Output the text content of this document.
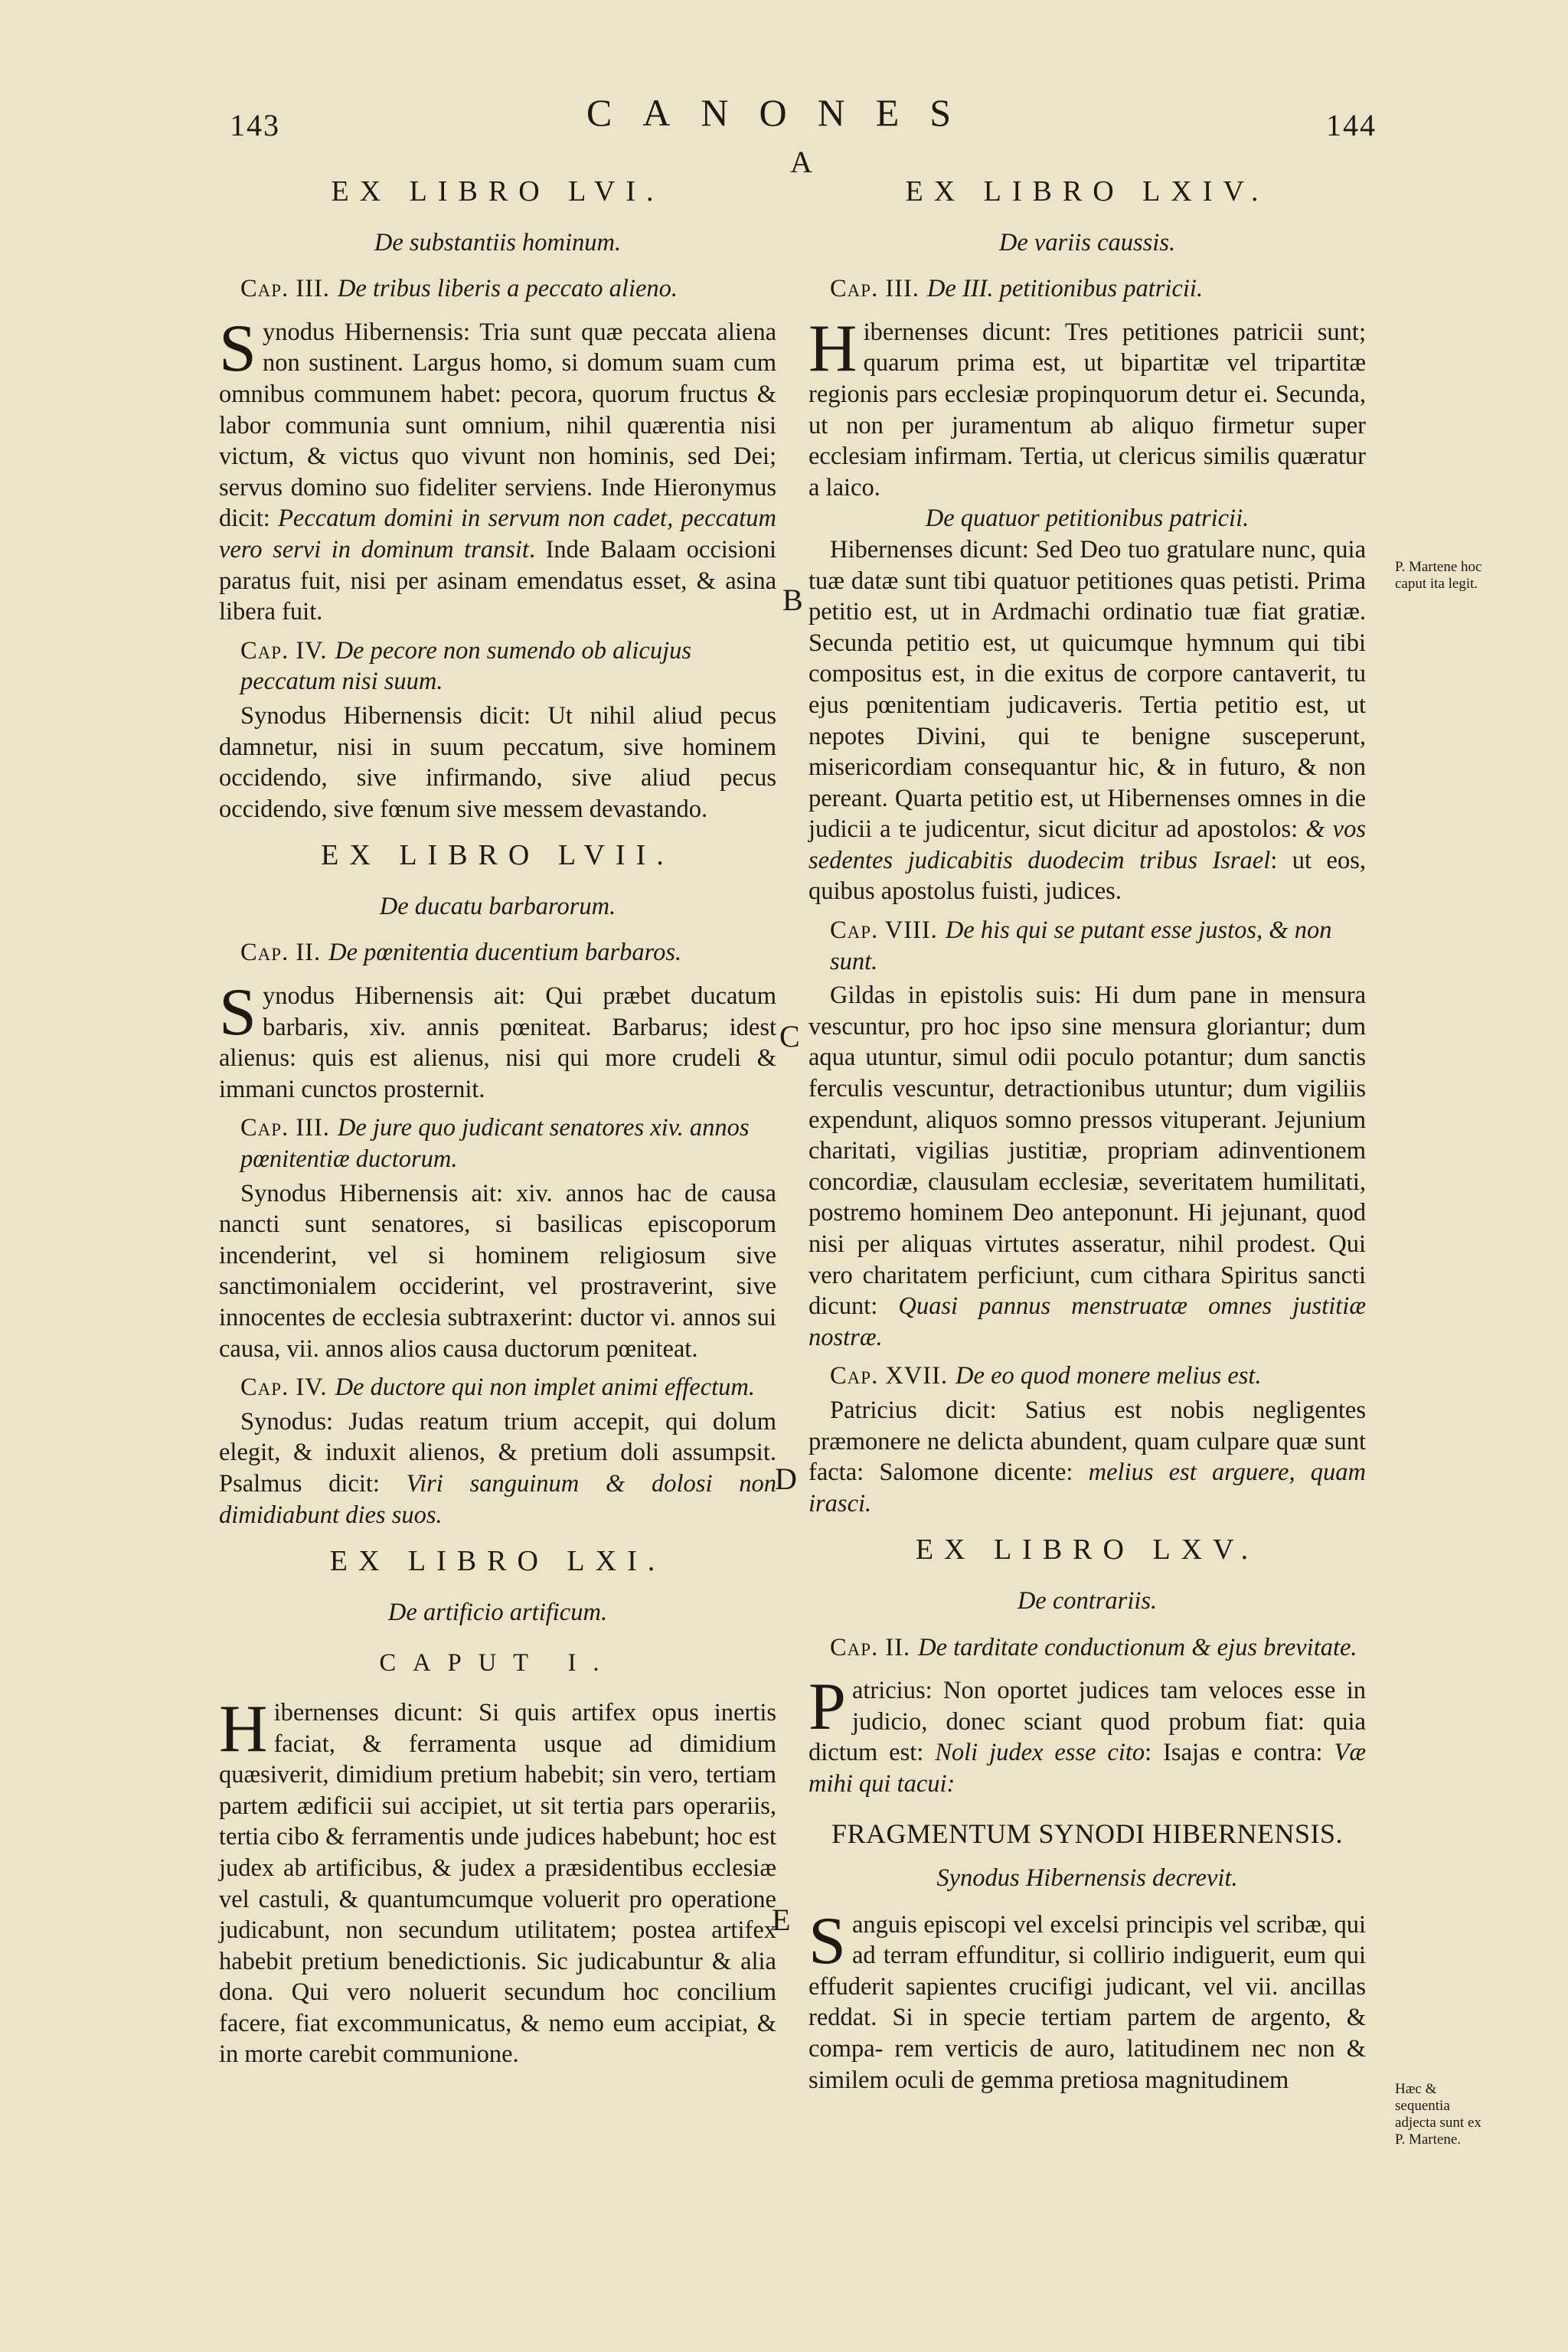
143	CANONES	144
A
B
C
D
E
P. Martene hoc caput ita legit.
Hæc & sequentia adjecta sunt ex P. Martene.
EX LIBRO LVI.
De substantiis hominum.
Cap. III. De tribus liberis a peccato alieno.

Synodus Hibernensis: Tria sunt quæ peccata aliena non sustinent. Largus homo, si domum suam cum omnibus communem habet: pecora, quorum fructus & labor communia sunt omnium, nihil quærentia nisi victum, & victus quo vivunt non hominis, sed Dei; servus domino suo fideliter serviens. Inde Hieronymus dicit: Peccatum domini in servum non cadet, peccatum vero servi in dominum transit. Inde Balaam occisioni paratus fuit, nisi per asinam emendatus esset, & asina libera fuit.

Cap. IV. De pecore non sumendo ob alicujus peccatum nisi suum.

Synodus Hibernensis dicit: Ut nihil aliud pecus damnetur, nisi in suum peccatum, sive hominem occidendo, sive infirmando, sive aliud pecus occidendo, sive fœnum sive messem devastando.

EX LIBRO LVII.
De ducatu barbarorum.
Cap. II. De pœnitentia ducentium barbaros.

Synodus Hibernensis ait: Qui præbet ducatum barbaris, xiv. annis pœniteat. Barbarus; idest alienus: quis est alienus, nisi qui more crudeli & immani cunctos prosternit.

Cap. III. De jure quo judicant senatores xiv. annos pœnitentiæ ductorum.

Synodus Hibernensis ait: xiv. annos hac de causa nancti sunt senatores, si basilicas episcoporum incenderint, vel si hominem religiosum sive sanctimonialem occiderint, vel prostraverint, sive innocentes de ecclesia subtraxerint: ductor vi. annos sui causa, vii. annos alios causa ductorum pœniteat.

Cap. IV. De ductore qui non implet animi effectum.

Synodus: Judas reatum trium accepit, qui dolum elegit, & induxit alienos, & pretium doli assumpsit. Psalmus dicit: Viri sanguinum & dolosi non dimidiabunt dies suos.

EX LIBRO LXI.
De artificio artificum.
CAPUT I.

Hibernenses dicunt: Si quis artifex opus inertis faciat, & ferramenta usque ad dimidium quæsiverit, dimidium pretium habebit; sin vero, tertiam partem ædificii sui accipiet, ut sit tertia pars operariis, tertia cibo & ferramentis unde judices habebunt; hoc est judex ab artificibus, & judex a præsidentibus ecclesiæ vel castuli, & quantumcumque voluerit pro operatione judicabunt, non secundum utilitatem; postea artifex habebit pretium benedictionis. Sic judicabuntur & alia dona. Qui vero noluerit secundum hoc concilium facere, fiat excommunicatus, & nemo eum accipiat, & in morte carebit communione.

EX LIBRO LXIV.
De variis caussis.
Cap. III. De III. petitionibus patricii.

Hibernenses dicunt: Tres petitiones patricii sunt; quarum prima est, ut bipartitæ vel tripartitæ regionis pars ecclesiæ propinquorum detur ei. Secunda, ut non per juramentum ab aliquo firmetur super ecclesiam infirmam. Tertia, ut clericus similis quæratur a laico.

De quatuor petitionibus patricii.

Hibernenses dicunt: Sed Deo tuo gratulare nunc, quia tuæ datæ sunt tibi quatuor petitiones quas petisti. Prima petitio est, ut in Ardmachi ordinatio tuæ fiat gratiæ. Secunda petitio est, ut quicumque hymnum qui tibi compositus est, in die exitus de corpore cantaverit, tu ejus pœnitentiam judicaveris. Tertia petitio est, ut nepotes Divini, qui te benigne susceperunt, misericordiam consequantur hic, & in futuro, & non pereant. Quarta petitio est, ut Hibernenses omnes in die judicii a te judicentur, sicut dicitur ad apostolos: & vos sedentes judicabitis duodecim tribus Israel: ut eos, quibus apostolus fuisti, judices.

Cap. VIII. De his qui se putant esse justos, & non sunt.

Gildas in epistolis suis: Hi dum pane in mensura vescuntur, pro hoc ipso sine mensura gloriantur; dum aqua utuntur, simul odii poculo potantur; dum sanctis ferculis vescuntur, detractionibus utuntur; dum vigiliis expendunt, aliquos somno pressos vituperant. Jejunium charitati, vigilias justitiæ, propriam adinventionem concordiæ, clausulam ecclesiæ, severitatem humilitati, postremo hominem Deo anteponunt. Hi jejunant, quod nisi per aliquas virtutes asseratur, nihil prodest. Qui vero charitatem perficiunt, cum cithara Spiritus sancti dicunt: Quasi pannus menstruatæ omnes justitiæ nostræ.

Cap. XVII. De eo quod monere melius est.

Patricius dicit: Satius est nobis negligentes præmonere ne delicta abundent, quam culpare quæ sunt facta: Salomone dicente: melius est arguere, quam irasci.

EX LIBRO LXV.
De contrariis.
Cap. II. De tarditate conductionum & ejus brevitate.

Patricius: Non oportet judices tam veloces esse in judicio, donec sciant quod probum fiat: quia dictum est: Noli judex esse cito: Isajas e contra: Væ mihi qui tacui:

FRAGMENTUM SYNODI HIBERNENSIS.
Synodus Hibernensis decrevit.

Sanguis episcopi vel excelsi principis vel scribæ, qui ad terram effunditur, si collirio indiguerit, eum qui effuderit sapientes crucifigi judicant, vel vii. ancillas reddat. Si in specie tertiam partem de argento, & compa- rem verticis de auro, latitudinem nec non & similem oculi de gemma pretiosa magnitudinem
